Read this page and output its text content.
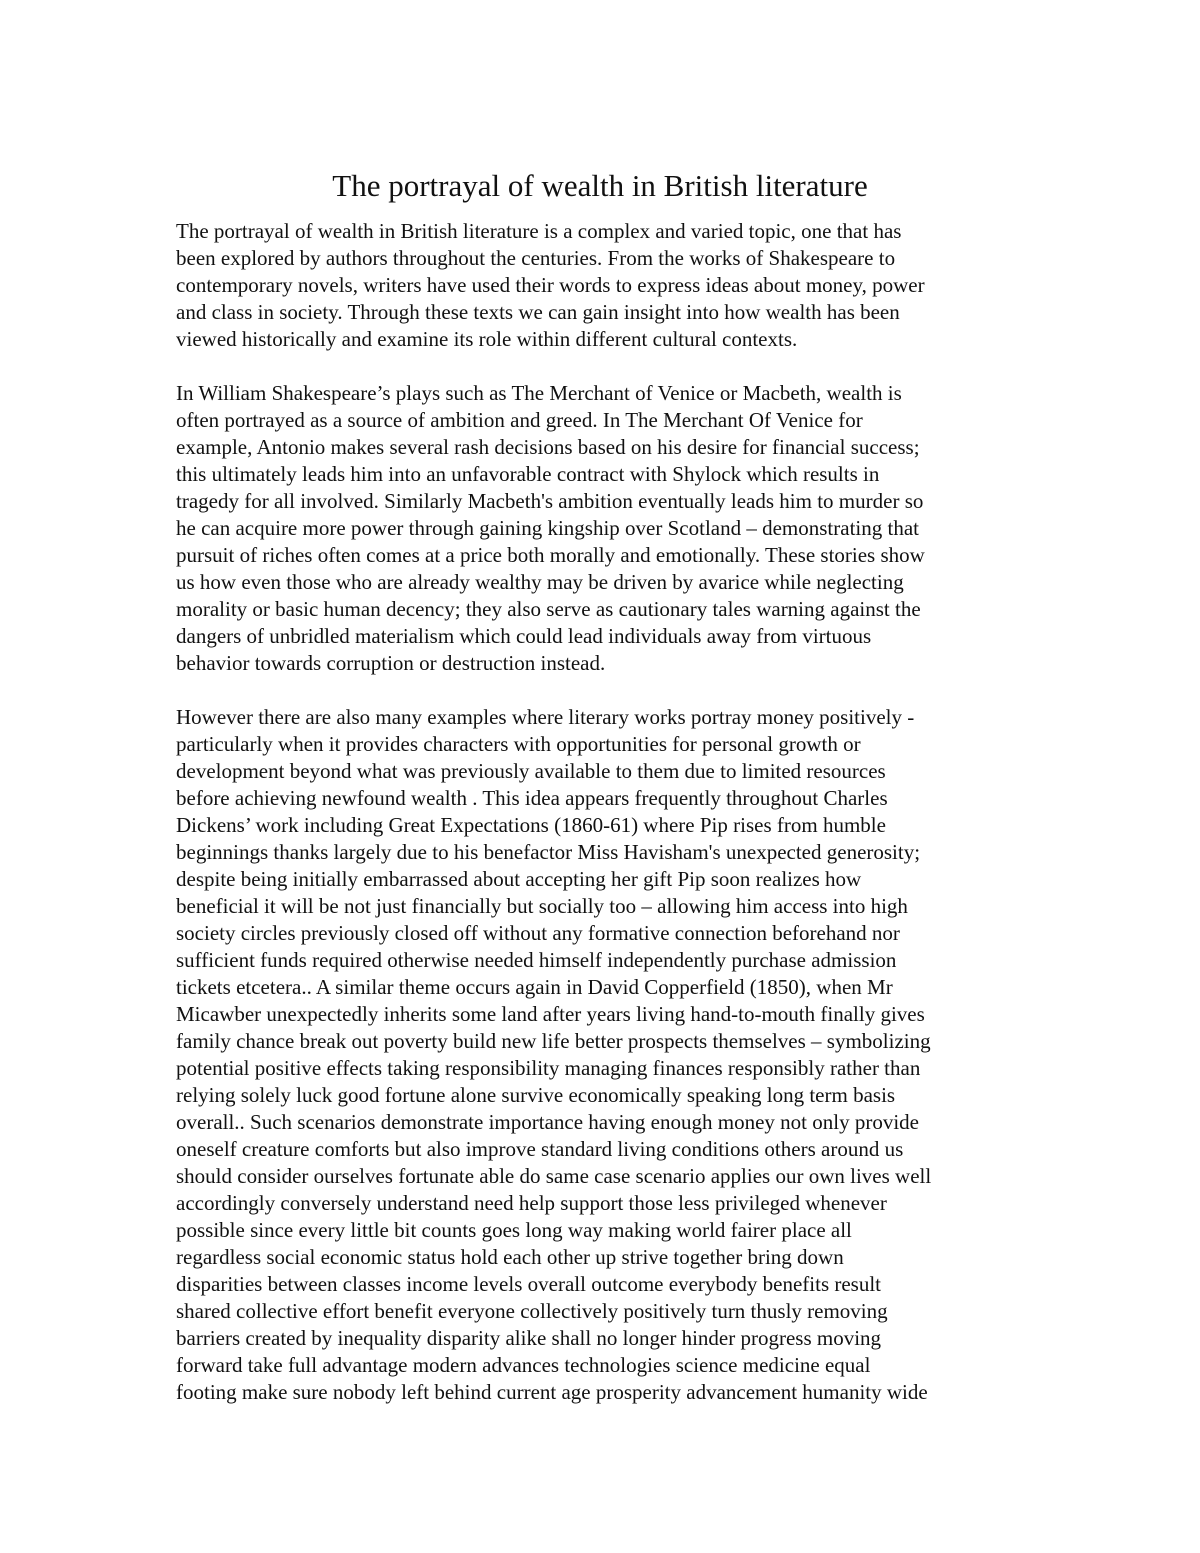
The portrayal of wealth in British literature
The portrayal of wealth in British literature is a complex and varied topic, one that has
been explored by authors throughout the centuries. From the works of Shakespeare to
contemporary novels, writers have used their words to express ideas about money, power
and class in society. Through these texts we can gain insight into how wealth has been
viewed historically and examine its role within different cultural contexts.
In William Shakespeare’s plays such as The Merchant of Venice or Macbeth, wealth is
often portrayed as a source of ambition and greed. In The Merchant Of Venice for
example, Antonio makes several rash decisions based on his desire for financial success;
this ultimately leads him into an unfavorable contract with Shylock which results in
tragedy for all involved. Similarly Macbeth's ambition eventually leads him to murder so
he can acquire more power through gaining kingship over Scotland – demonstrating that
pursuit of riches often comes at a price both morally and emotionally. These stories show
us how even those who are already wealthy may be driven by avarice while neglecting
morality or basic human decency; they also serve as cautionary tales warning against the
dangers of unbridled materialism which could lead individuals away from virtuous
behavior towards corruption or destruction instead.
However there are also many examples where literary works portray money positively -
particularly when it provides characters with opportunities for personal growth or
development beyond what was previously available to them due to limited resources
before achieving newfound wealth . This idea appears frequently throughout Charles
Dickens’ work including Great Expectations (1860-61) where Pip rises from humble
beginnings thanks largely due to his benefactor Miss Havisham's unexpected generosity;
despite being initially embarrassed about accepting her gift Pip soon realizes how
beneficial it will be not just financially but socially too – allowing him access into high
society circles previously closed off without any formative connection beforehand nor
sufficient funds required otherwise needed himself independently purchase admission
tickets etcetera.. A similar theme occurs again in David Copperfield (1850), when Mr
Micawber unexpectedly inherits some land after years living hand-to-mouth finally gives
family chance break out poverty build new life better prospects themselves – symbolizing
potential positive effects taking responsibility managing finances responsibly rather than
relying solely luck good fortune alone survive economically speaking long term basis
overall.. Such scenarios demonstrate importance having enough money not only provide
oneself creature comforts but also improve standard living conditions others around us
should consider ourselves fortunate able do same case scenario applies our own lives well
accordingly conversely understand need help support those less privileged whenever
possible since every little bit counts goes long way making world fairer place all
regardless social economic status hold each other up strive together bring down
disparities between classes income levels overall outcome everybody benefits result
shared collective effort benefit everyone collectively positively turn thusly removing
barriers created by inequality disparity alike shall no longer hinder progress moving
forward take full advantage modern advances technologies science medicine equal
footing make sure nobody left behind current age prosperity advancement humanity wide
